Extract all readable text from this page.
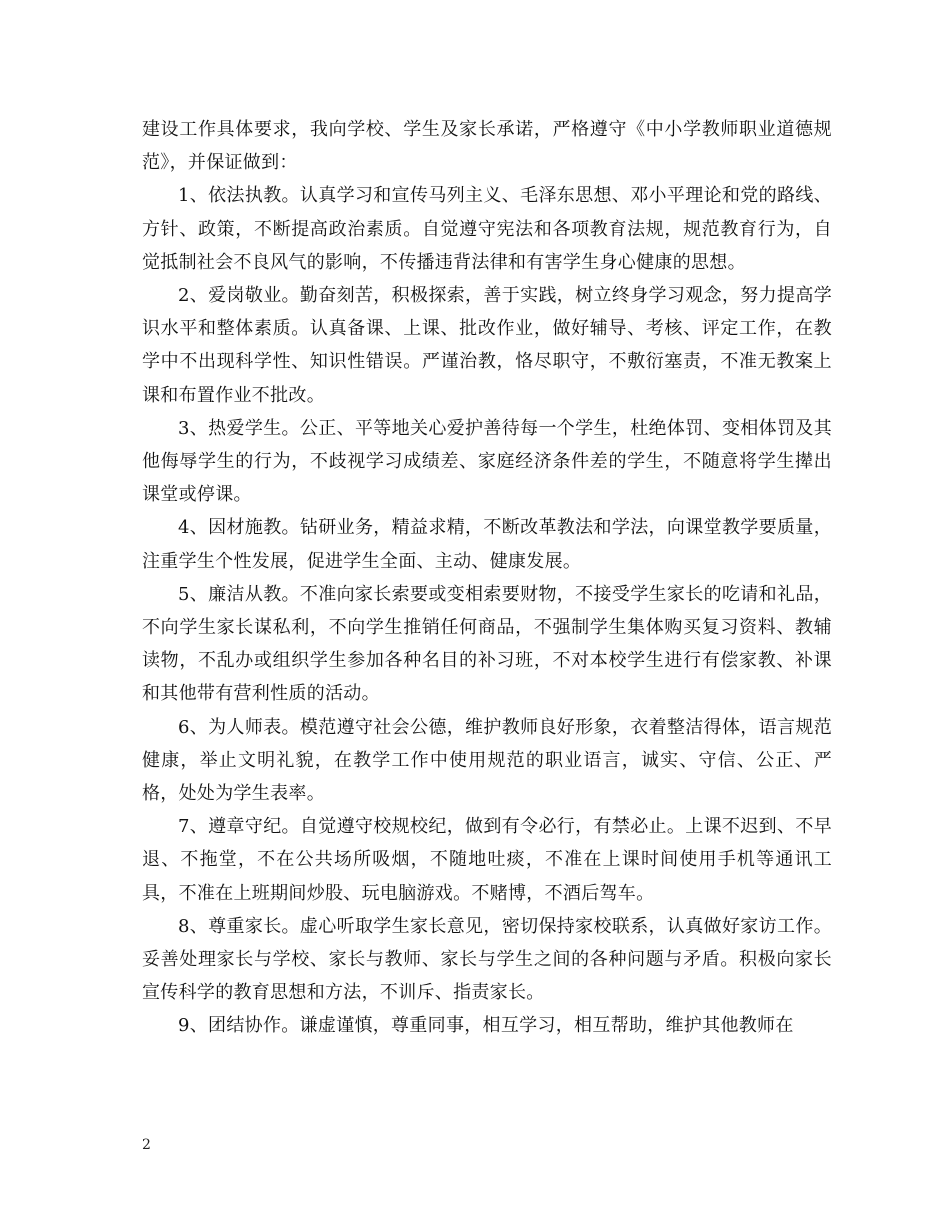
建设工作具体要求，我向学校、学生及家长承诺，严格遵守《中小学教师职业道德规范》，并保证做到：

1、依法执教。认真学习和宣传马列主义、毛泽东思想、邓小平理论和党的路线、方针、政策，不断提高政治素质。自觉遵守宪法和各项教育法规，规范教育行为，自觉抵制社会不良风气的影响，不传播违背法律和有害学生身心健康的思想。

2、爱岗敬业。勤奋刻苦，积极探索，善于实践，树立终身学习观念，努力提高学识水平和整体素质。认真备课、上课、批改作业，做好辅导、考核、评定工作，在教学中不出现科学性、知识性错误。严谨治教，恪尽职守，不敷衍塞责，不准无教案上课和布置作业不批改。

3、热爱学生。公正、平等地关心爱护善待每一个学生，杜绝体罚、变相体罚及其他侮辱学生的行为，不歧视学习成绩差、家庭经济条件差的学生，不随意将学生撵出课堂或停课。

4、因材施教。钻研业务，精益求精，不断改革教法和学法，向课堂教学要质量，注重学生个性发展，促进学生全面、主动、健康发展。

5、廉洁从教。不准向家长索要或变相索要财物，不接受学生家长的吃请和礼品，不向学生家长谋私利，不向学生推销任何商品，不强制学生集体购买复习资料、教辅读物，不乱办或组织学生参加各种名目的补习班，不对本校学生进行有偿家教、补课和其他带有营利性质的活动。

6、为人师表。模范遵守社会公德，维护教师良好形象，衣着整洁得体，语言规范健康，举止文明礼貌，在教学工作中使用规范的职业语言，诚实、守信、公正、严格，处处为学生表率。

7、遵章守纪。自觉遵守校规校纪，做到有令必行，有禁必止。上课不迟到、不早退、不拖堂，不在公共场所吸烟，不随地吐痰，不准在上课时间使用手机等通讯工具，不准在上班期间炒股、玩电脑游戏。不赌博，不酒后驾车。

8、尊重家长。虚心听取学生家长意见，密切保持家校联系，认真做好家访工作。妥善处理家长与学校、家长与教师、家长与学生之间的各种问题与矛盾。积极向家长宣传科学的教育思想和方法，不训斥、指责家长。

9、团结协作。谦虚谨慎，尊重同事，相互学习，相互帮助，维护其他教师在

2
